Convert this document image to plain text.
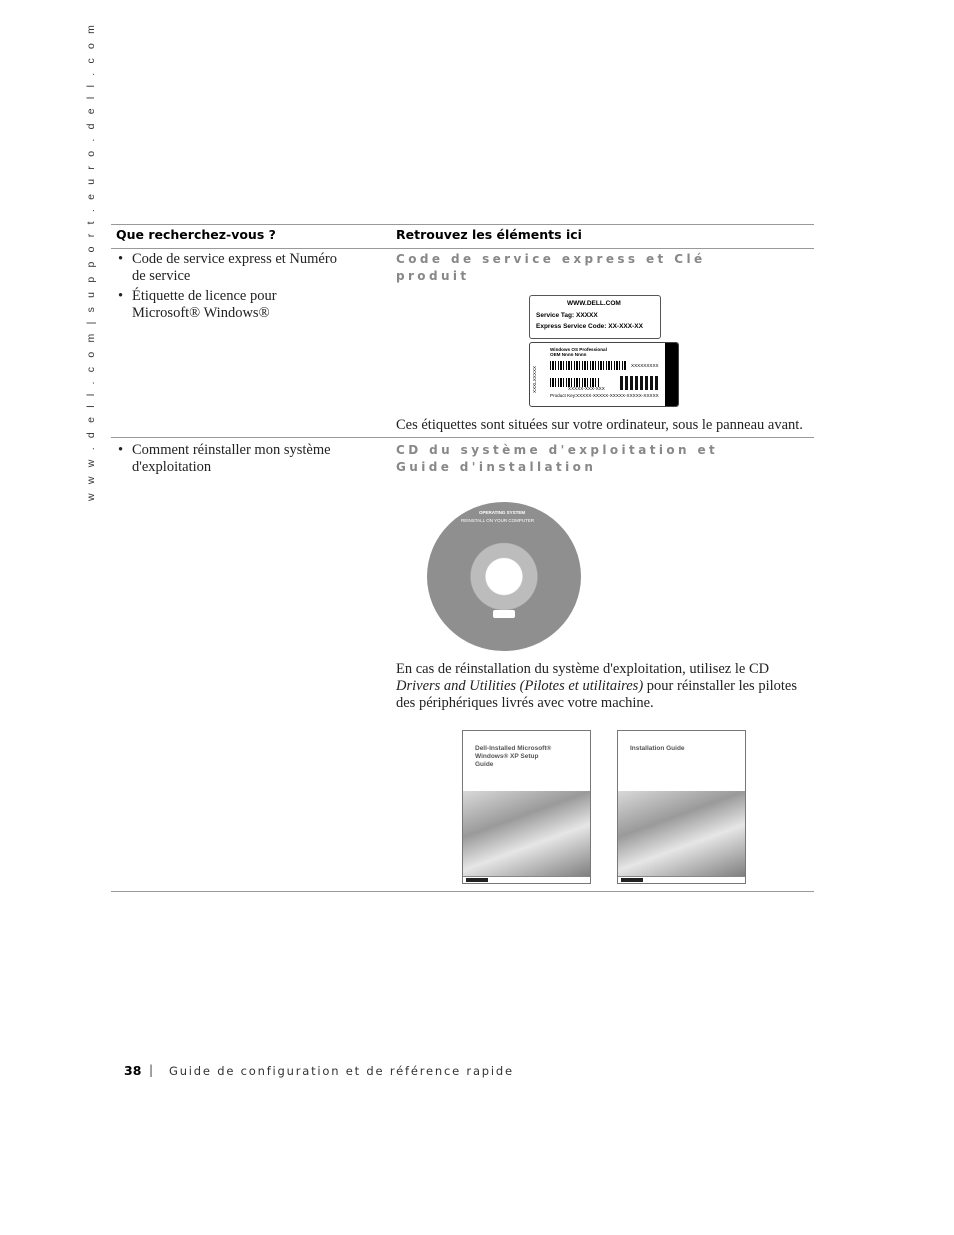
w w w . d e l l . c o m | s u p p o r t . e u r o . d e l l . c o m Que recherchez-vous ?	Retrouvez les éléments ici
• Code de service express et Numéro de service
• Étiquette de licence pour Microsoft® Windows®
Code de service express et Clé produit
WWW.DELL.COM
Service Tag: XXXXX
Express Service Code: XX-XXX-XX
Windows OS Professional
OEM Nnnn Nnnn
XXXXXXXXX
XXXXX-XXX-XXX
Product Key: XXXXX-XXXXX-XXXXX-XXXXX-XXXXX
XXXLXXXXX
Ces étiquettes sont situées sur votre ordinateur, sous le panneau avant.
• Comment réinstaller mon système d'exploitation
CD du système d'exploitation et Guide d'installation
OPERATING SYSTEM
REINSTALL ON YOUR COMPUTER
En cas de réinstallation du système d'exploitation, utilisez le CD Drivers and Utilities (Pilotes et utilitaires) pour réinstaller les pilotes des périphériques livrés avec votre machine.
Dell-Installed Microsoft® Windows® XP Setup Guide
Installation Guide
38 | Guide de configuration et de référence rapide
